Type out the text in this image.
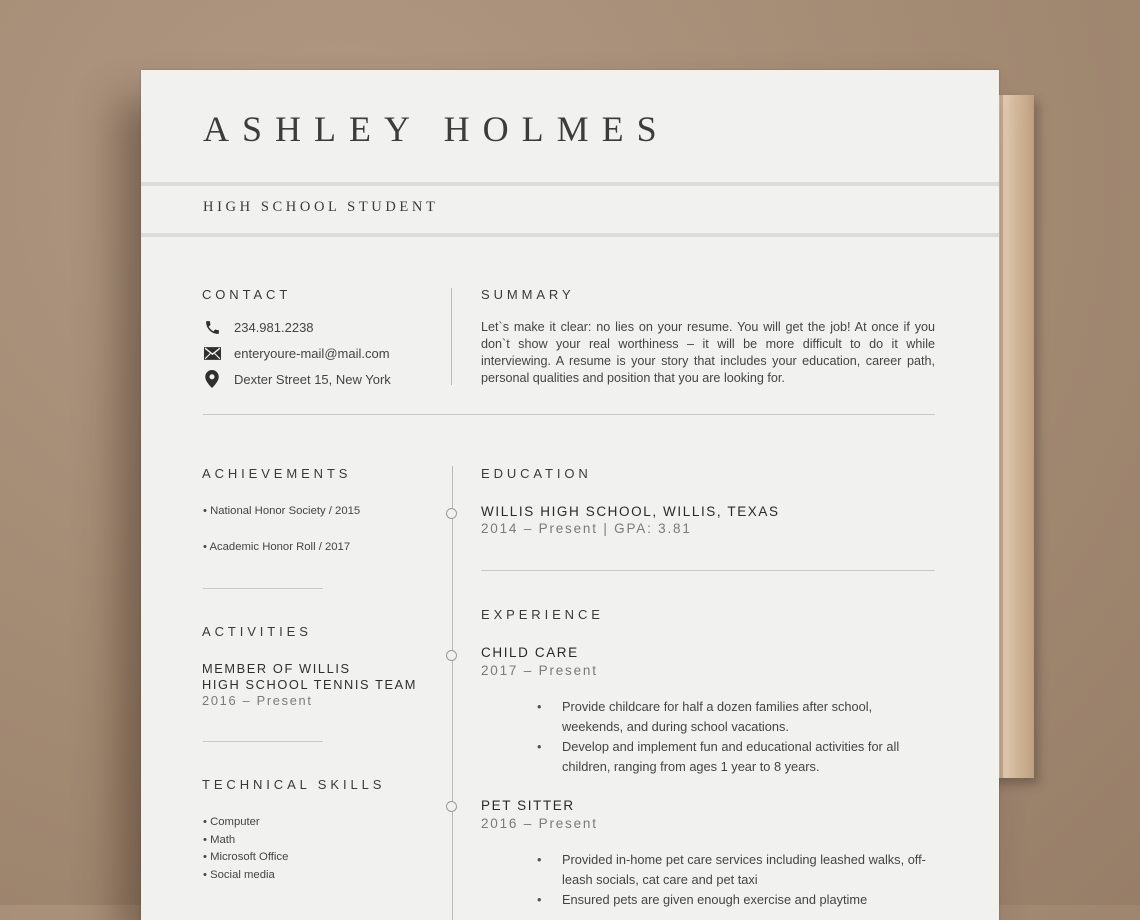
ASHLEY HOLMES
HIGH SCHOOL STUDENT
CONTACT
234.981.2238
enteryoure-mail@mail.com
Dexter Street 15, New York
SUMMARY
Let`s make it clear: no lies on your resume. You will get the job! At once if you don`t show your real worthiness – it will be more difficult to do it while interviewing. A resume is your story that includes your education, career path, personal qualities and position that you are looking for.
ACHIEVEMENTS
• National Honor Society / 2015
• Academic Honor Roll / 2017
ACTIVITIES
MEMBER OF WILLIS
HIGH SCHOOL TENNIS TEAM
2016 – Present
TECHNICAL SKILLS
• Computer
• Math
• Microsoft Office
• Social media
EDUCATION
WILLIS HIGH SCHOOL, WILLIS, TEXAS
2014 – Present | GPA: 3.81
EXPERIENCE
CHILD CARE
2017 – Present
• Provide childcare for half a dozen families after school, weekends, and during school vacations.
• Develop and implement fun and educational activities for all children, ranging from ages 1 year to 8 years.
PET SITTER
2016 – Present
• Provided in-home pet care services including leashed walks, off-leash socials, cat care and pet taxi
• Ensured pets are given enough exercise and playtime
